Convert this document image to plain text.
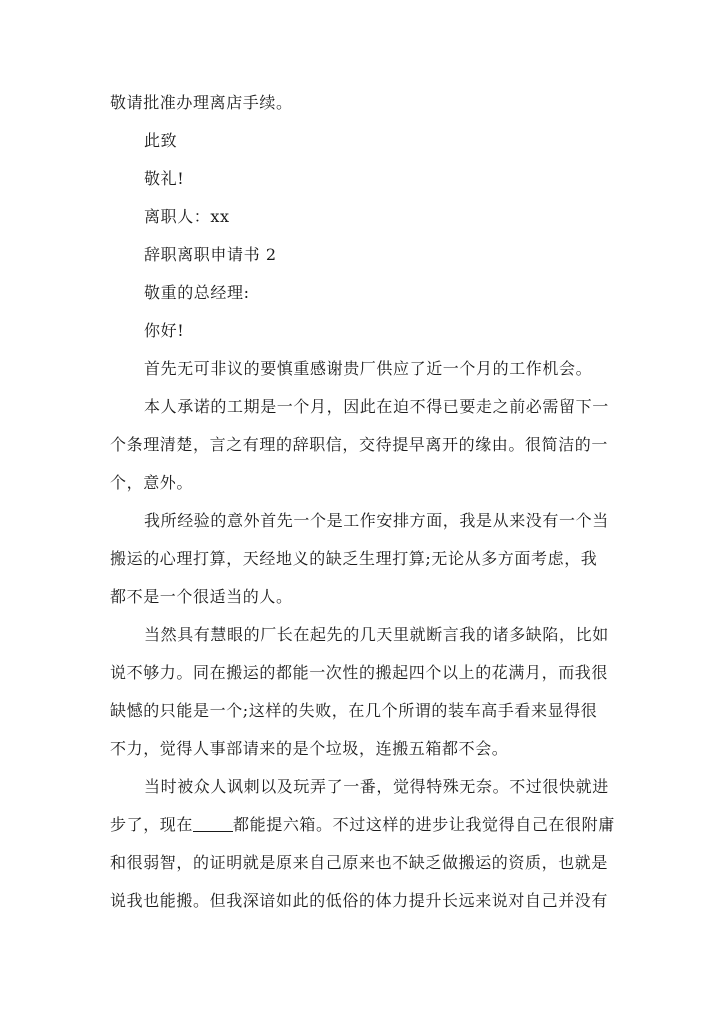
敬请批准办理离店手续。
此致
敬礼!
离职人：xx
辞职离职申请书 2
敬重的总经理:
你好!
首先无可非议的要慎重感谢贵厂供应了近一个月的工作机会。
本人承诺的工期是一个月，因此在迫不得已要走之前必需留下一
个条理清楚，言之有理的辞职信，交待提早离开的缘由。很简洁的一
个，意外。
我所经验的意外首先一个是工作安排方面，我是从来没有一个当
搬运的心理打算，天经地义的缺乏生理打算;无论从多方面考虑，我
都不是一个很适当的人。
当然具有慧眼的厂长在起先的几天里就断言我的诸多缺陷，比如
说不够力。同在搬运的都能一次性的搬起四个以上的花满月，而我很
缺憾的只能是一个;这样的失败，在几个所谓的装车高手看来显得很
不力，觉得人事部请来的是个垃圾，连搬五箱都不会。
当时被众人讽刺以及玩弄了一番，觉得特殊无奈。不过很快就进
步了，现在	都能提六箱。不过这样的进步让我觉得自己在很附庸
和很弱智，的证明就是原来自己原来也不缺乏做搬运的资质，也就是
说我也能搬。但我深谙如此的低俗的体力提升长远来说对自己并没有
